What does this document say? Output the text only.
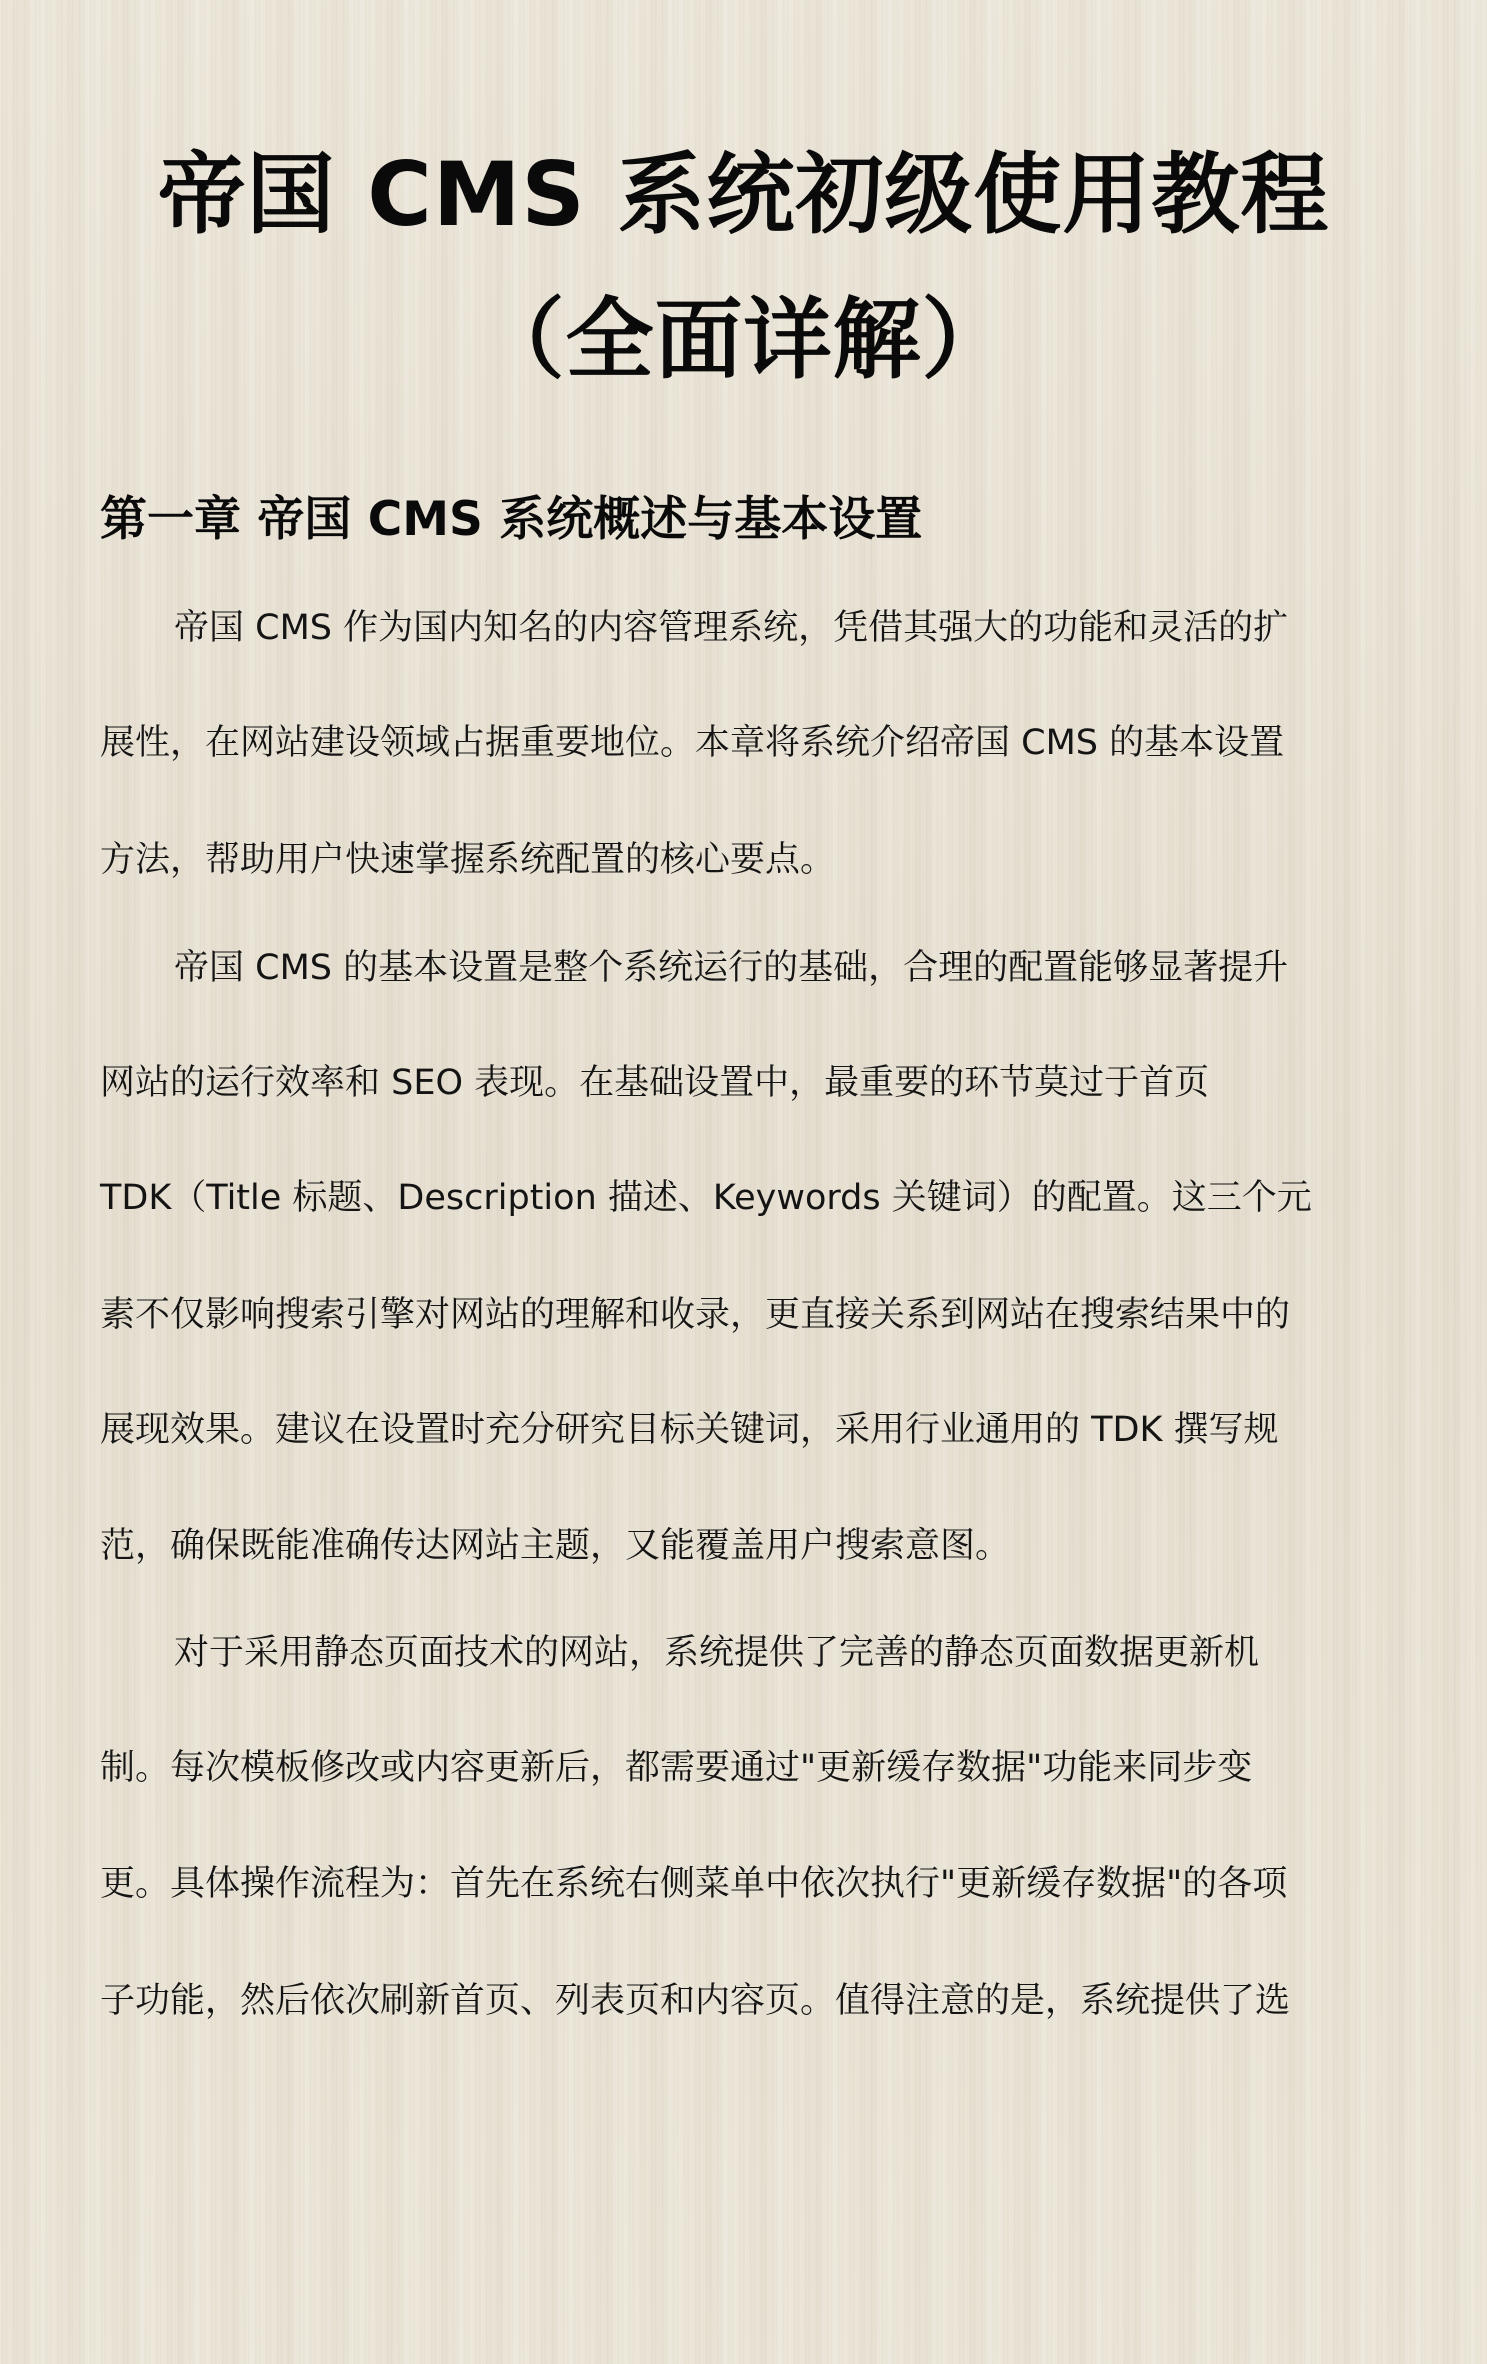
帝国 CMS 系统初级使用教程
（全面详解）
第一章 帝国 CMS 系统概述与基本设置
帝国 CMS 作为国内知名的内容管理系统，凭借其强大的功能和灵活的扩
展性，在网站建设领域占据重要地位。本章将系统介绍帝国 CMS 的基本设置
方法，帮助用户快速掌握系统配置的核心要点。
帝国 CMS 的基本设置是整个系统运行的基础，合理的配置能够显著提升
网站的运行效率和 SEO 表现。在基础设置中，最重要的环节莫过于首页
TDK（Title 标题、Description 描述、Keywords 关键词）的配置。这三个元
素不仅影响搜索引擎对网站的理解和收录，更直接关系到网站在搜索结果中的
展现效果。建议在设置时充分研究目标关键词，采用行业通用的 TDK 撰写规
范，确保既能准确传达网站主题，又能覆盖用户搜索意图。
对于采用静态页面技术的网站，系统提供了完善的静态页面数据更新机
制。每次模板修改或内容更新后，都需要通过"更新缓存数据"功能来同步变
更。具体操作流程为：首先在系统右侧菜单中依次执行"更新缓存数据"的各项
子功能，然后依次刷新首页、列表页和内容页。值得注意的是，系统提供了选
